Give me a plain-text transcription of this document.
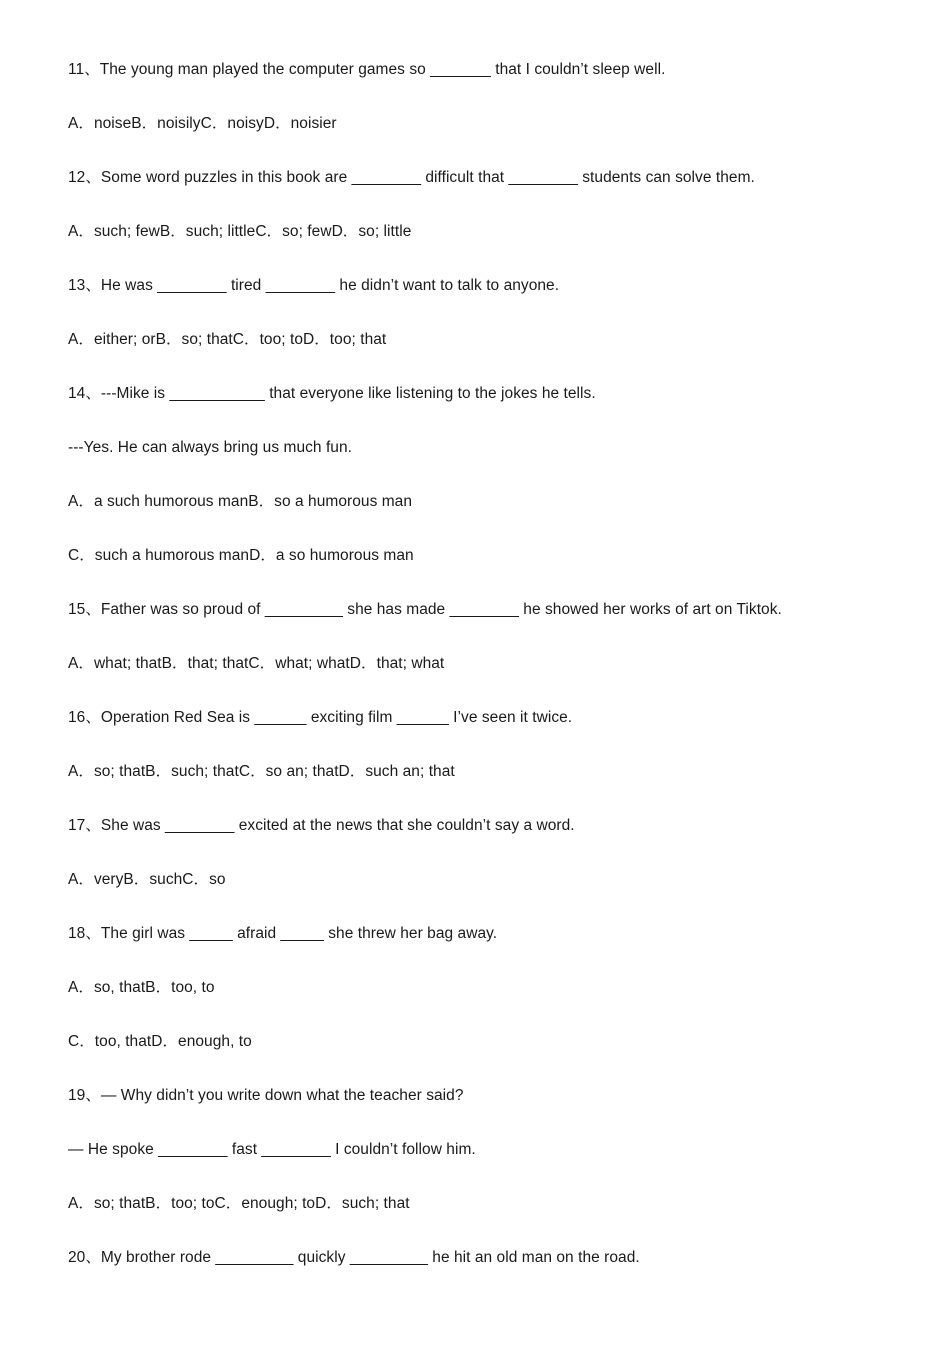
11、The young man played the computer games so _______ that I couldn’t sleep well.
A．noiseB．noisilyC．noisyD．noisier
12、Some word puzzles in this book are ________ difficult that ________ students can solve them.
A．such; fewB．such; littleC．so; fewD．so; little
13、He was ________ tired ________ he didn’t want to talk to anyone.
A．either; orB．so; thatC．too; toD．too; that
14、---Mike is ___________ that everyone like listening to the jokes he tells.
---Yes. He can always bring us much fun.
A．a such humorous manB．so a humorous man
C．such a humorous manD．a so humorous man
15、Father was so proud of _________ she has made ________ he showed her works of art on Tiktok.
A．what; thatB．that; thatC．what; whatD．that; what
16、Operation Red Sea is ______ exciting film ______ I’ve seen it twice.
A．so; thatB．such; thatC．so an; thatD．such an; that
17、She was ________ excited at the news that she couldn’t say a word.
A．veryB．suchC．so
18、The girl was _____ afraid _____ she threw her bag away.
A．so, thatB．too, to
C．too, thatD．enough, to
19、— Why didn’t you write down what the teacher said?
— He spoke ________ fast ________ I couldn’t follow him.
A．so; thatB．too; toC．enough; toD．such; that
20、My brother rode _________ quickly _________ he hit an old man on the road.
